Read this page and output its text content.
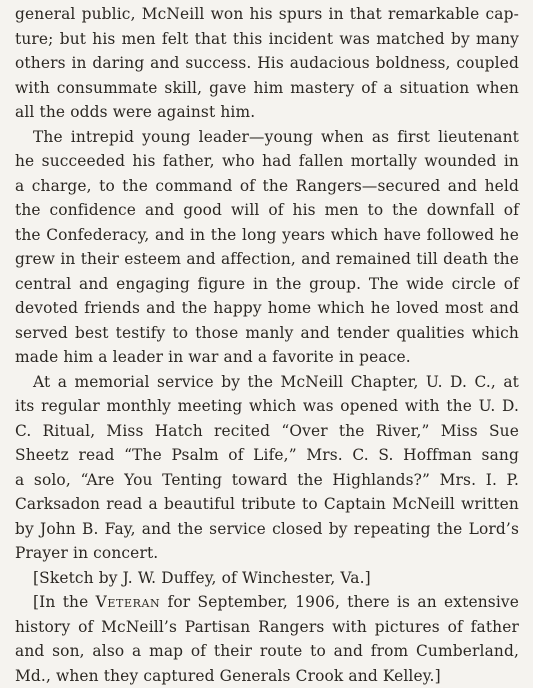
general public, McNeill won his spurs in that remarkable cap-
ture; but his men felt that this incident was matched by many
others in daring and success. His audacious boldness, coupled
with consummate skill, gave him mastery of a situation when
all the odds were against him.
The intrepid young leader—young when as first lieutenant
he succeeded his father, who had fallen mortally wounded in
a charge, to the command of the Rangers—secured and held
the confidence and good will of his men to the downfall of
the Confederacy, and in the long years which have followed he
grew in their esteem and affection, and remained till death the
central and engaging figure in the group. The wide circle of
devoted friends and the happy home which he loved most and
served best testify to those manly and tender qualities which
made him a leader in war and a favorite in peace.
At a memorial service by the McNeill Chapter, U. D. C., at
its regular monthly meeting which was opened with the U. D.
C. Ritual, Miss Hatch recited “Over the River,” Miss Sue
Sheetz read “The Psalm of Life,” Mrs. C. S. Hoffman sang
a solo, “Are You Tenting toward the Highlands?” Mrs. I. P.
Carksadon read a beautiful tribute to Captain McNeill written
by John B. Fay, and the service closed by repeating the Lord’s
Prayer in concert.
[Sketch by J. W. Duffey, of Winchester, Va.]
[In the Veteran for September, 1906, there is an extensive
history of McNeill’s Partisan Rangers with pictures of father
and son, also a map of their route to and from Cumberland,
Md., when they captured Generals Crook and Kelley.]
